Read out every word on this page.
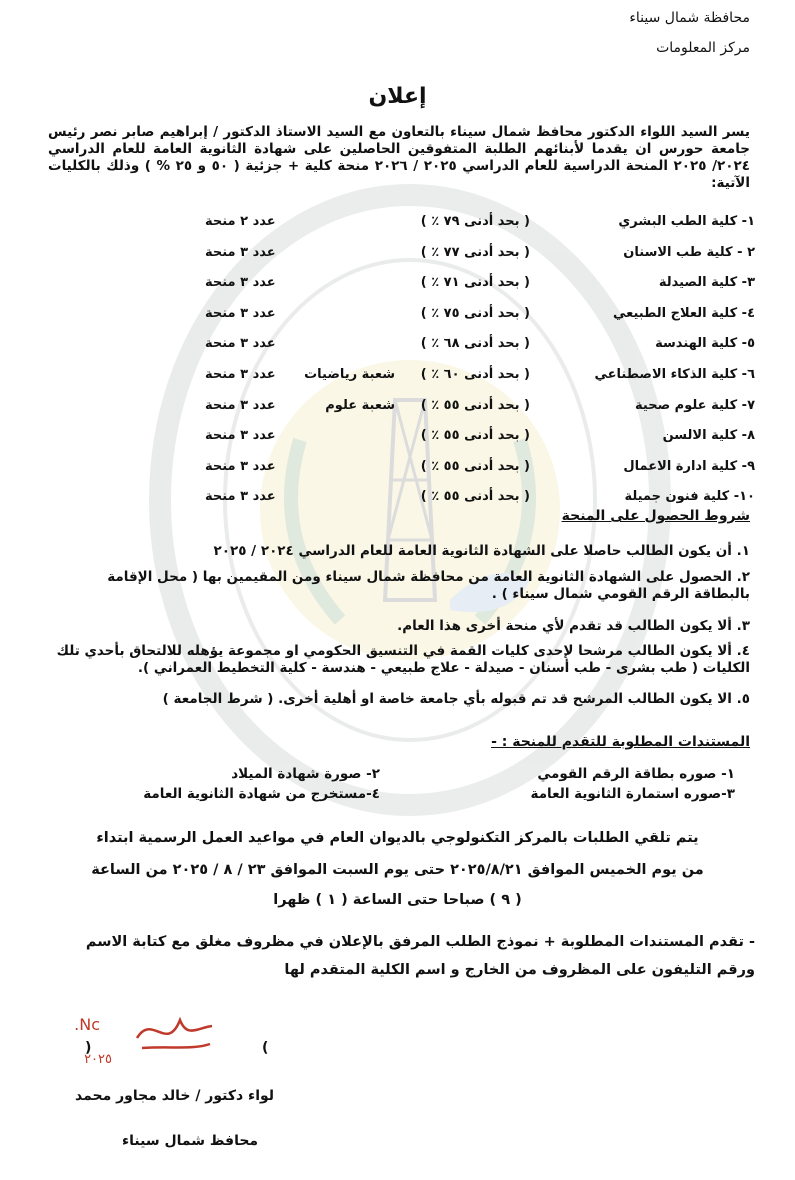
محافظة شمال سيناء
مركز المعلومات
إعلان
يسر السيد اللواء الدكتور محافظ شمال سيناء بالتعاون مع السيد الاستاذ الدكتور / إبراهيم صابر نصر رئيس جامعة حورس ان يقدما لأبنائهم الطلبة المتفوقين الحاصلين على شهادة الثانوية العامة للعام الدراسي ٢٠٢٤/ ٢٠٢٥ المنحة الدراسية للعام الدراسي ٢٠٢٥ / ٢٠٢٦ منحة كلية + جزئية ( ٥٠ و ٢٥ % ) وذلك بالكليات الآتية:
١- كلية الطب البشري
( بحد أدنى ٧٩ ٪ )
عدد ٢ منحة
٢ - كلية طب الاسنان
( بحد أدنى ٧٧ ٪ )
عدد ٣ منحة
٣- كلية الصيدلة
( بحد أدنى ٧١ ٪ )
عدد ٣ منحة
٤- كلية العلاج الطبيعي
( بحد أدنى ٧٥ ٪ )
عدد ٣ منحة
٥- كلية الهندسة
( بحد أدنى ٦٨ ٪ )
عدد ٣ منحة
٦- كلية الذكاء الاصطناعي
( بحد أدنى ٦٠ ٪ )
شعبة رياضيات
عدد ٣ منحة
٧- كلية علوم صحية
( بحد أدنى ٥٥ ٪ )
شعبة علوم
عدد ٣ منحة
٨- كلية الالسن
( بحد أدنى ٥٥ ٪ )
عدد ٣ منحة
٩- كلية ادارة الاعمال
( بحد أدنى ٥٥ ٪ )
عدد ٣ منحة
١٠- كلية فنون جميلة
( بحد أدنى ٥٥ ٪ )
عدد ٣ منحة
شروط الحصول على المنحة
١. أن يكون الطالب حاصلا على الشهادة الثانوية العامة للعام الدراسي ٢٠٢٤ / ٢٠٢٥
٢. الحصول على الشهادة الثانوية العامة من محافظة شمال سيناء ومن المقيمين بها ( محل الإقامة بالبطاقة الرقم القومي شمال سيناء ) .
٣. ألا يكون الطالب قد تقدم لأي منحة أخرى هذا العام.
٤. ألا يكون الطالب مرشحا لإحدى كليات القمة في التنسيق الحكومي او مجموعة يؤهله للالتحاق بأحدي تلك الكليات ( طب بشرى - طب أسنان - صيدلة - علاج طبيعي - هندسة - كلية التخطيط العمراني ).
٥. الا يكون الطالب المرشح قد تم قبوله بأي جامعة خاصة او أهلية أخرى. ( شرط الجامعة )
المستندات المطلوبة للتقدم للمنحة : -
١- صوره بطاقة الرقم القومي
٢- صورة شهادة الميلاد
٣-صوره استمارة الثانوية العامة
٤-مستخرج من شهادة الثانوية العامة
يتم تلقي الطلبات بالمركز التكنولوجي بالديوان العام في مواعيد العمل الرسمية ابتداء
من يوم الخميس الموافق ٢٠٢٥/٨/٢١ حتى يوم السبت الموافق ٢٣ / ٨ / ٢٠٢٥ من الساعة
( ٩ ) صباحا حتى الساعة ( ١ ) ظهرا
- تقدم المستندات المطلوبة + نموذج الطلب المرفق بالإعلان في مظروف مغلق مع كتابة الاسم ورقم التليفون على المظروف من الخارج و اسم الكلية المتقدم لها
Nc.
٢٠٢٥
(	)
لواء دكتور / خالد مجاور محمد
محافظ شمال سيناء
